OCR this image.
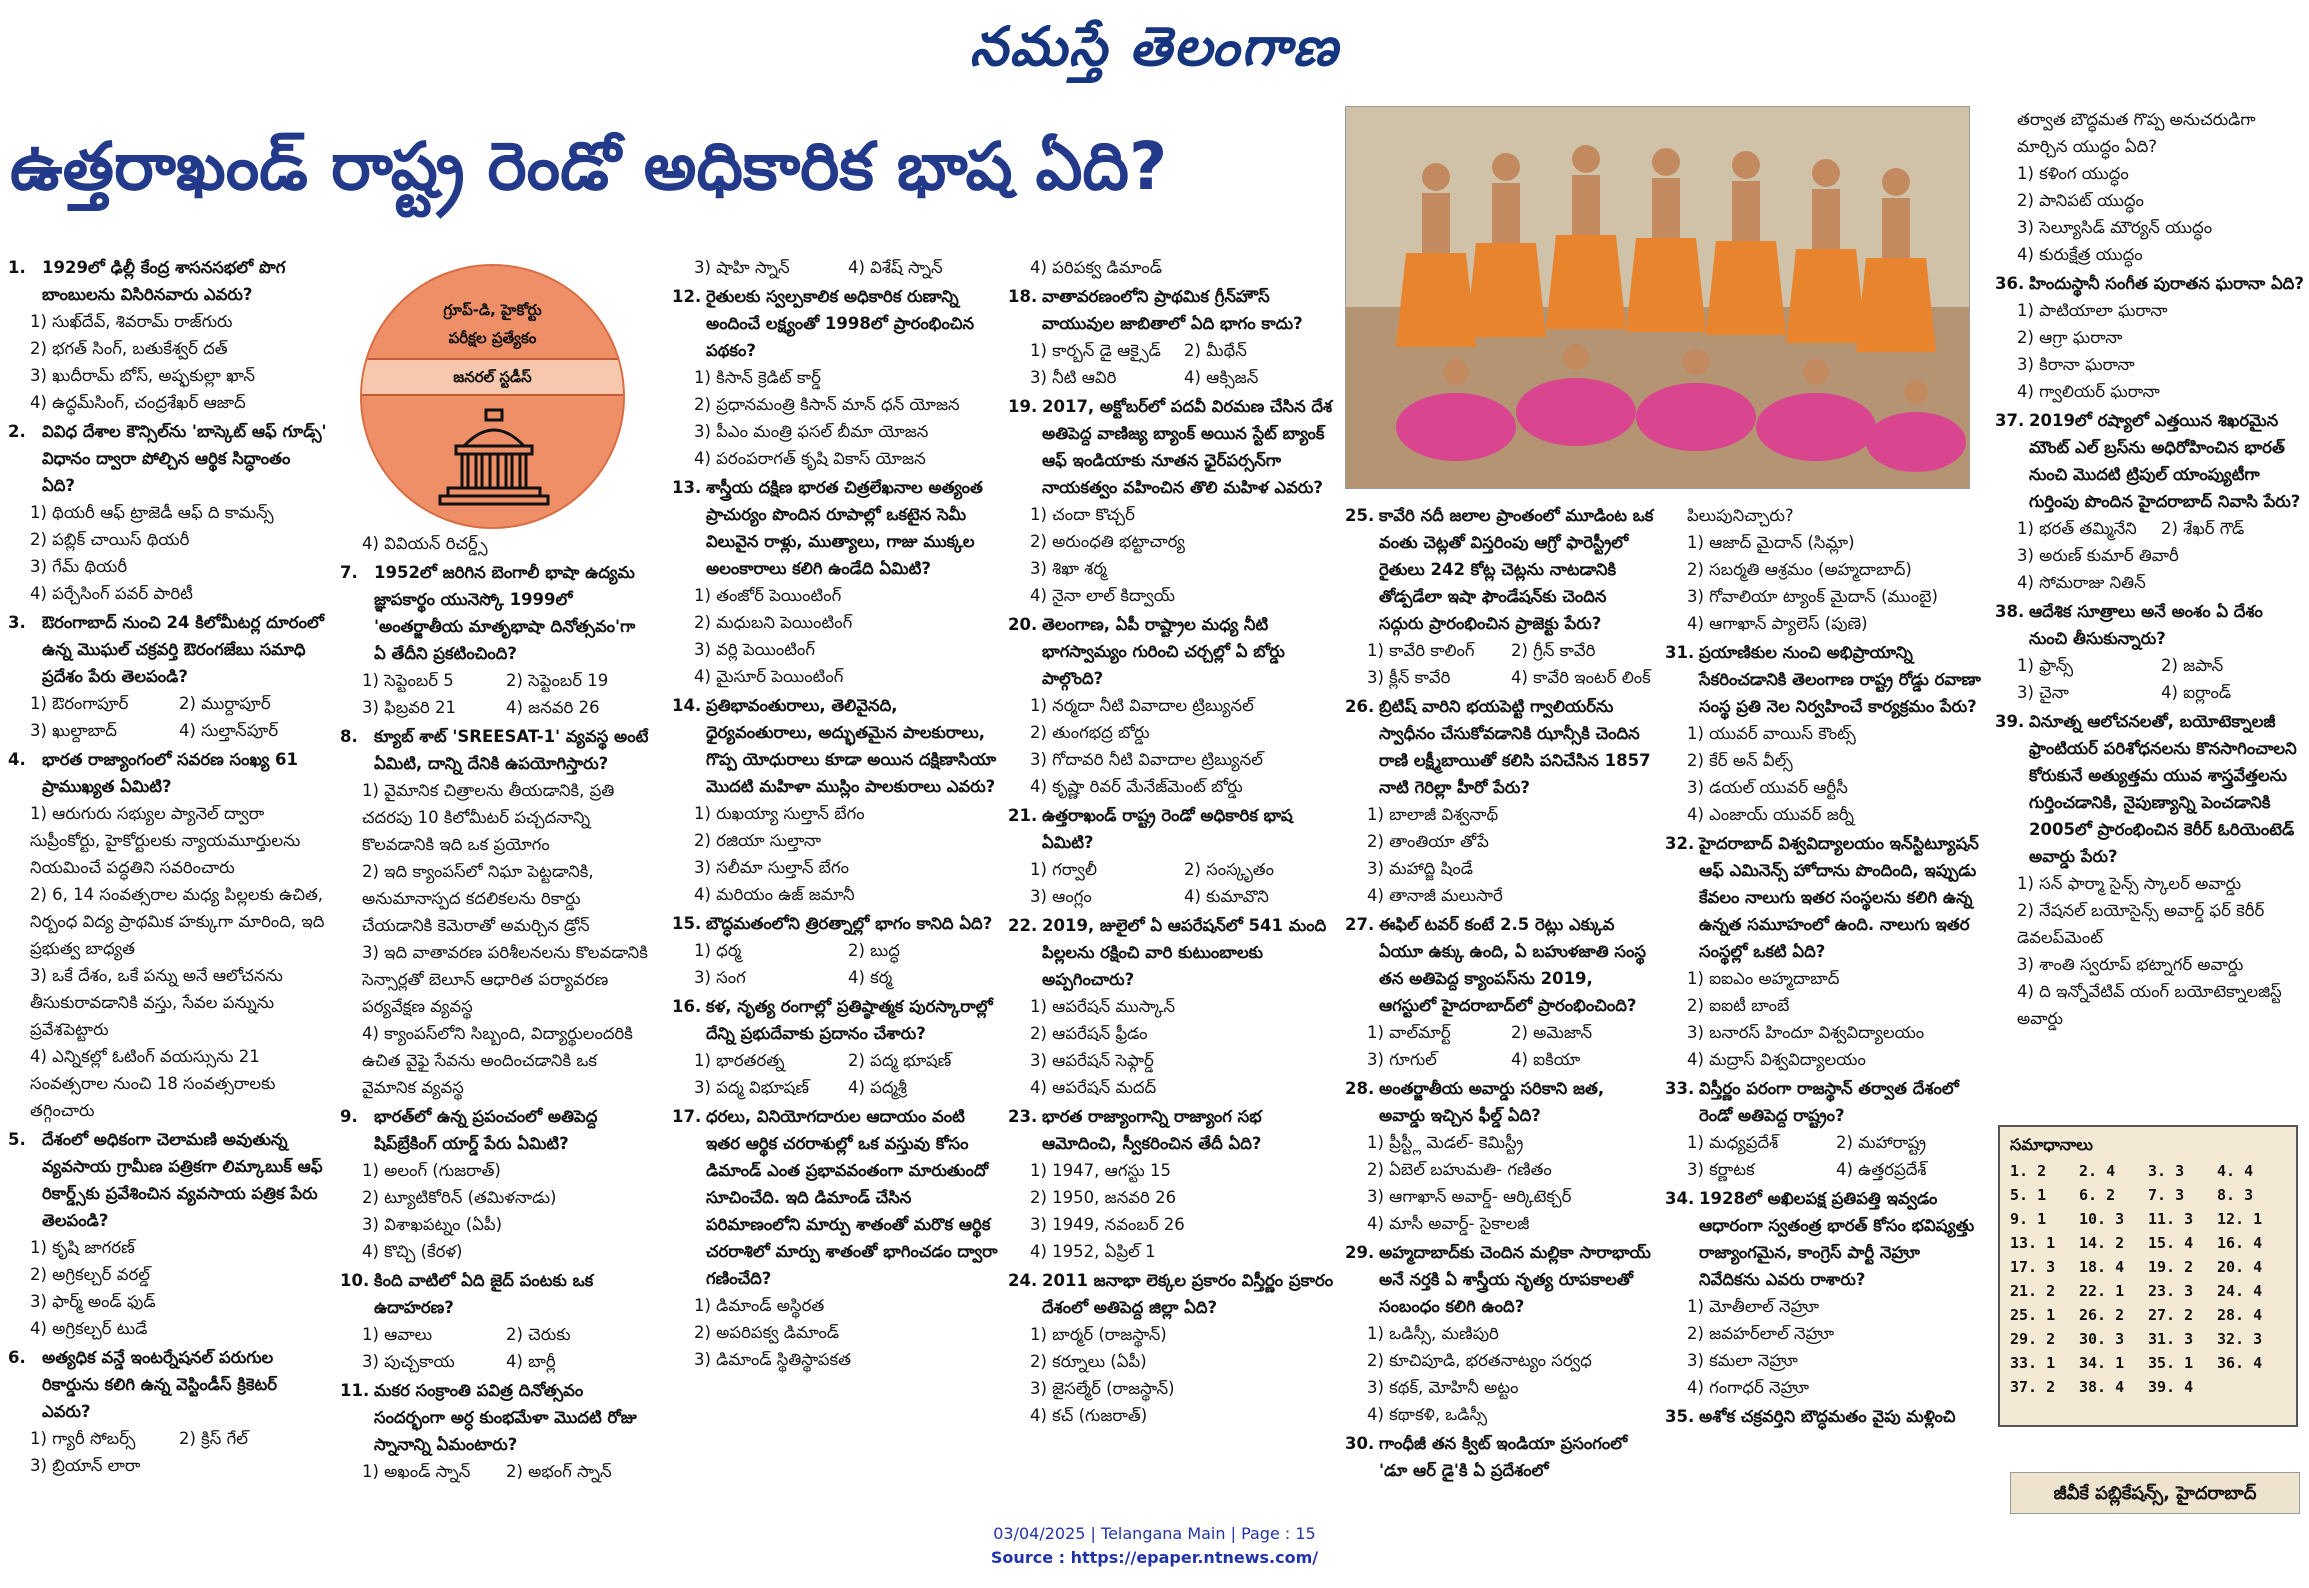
నమస్తే తెలంగాణ
ఉత్తరాఖండ్ రాష్ట్ర రెండో అధికారిక భాష ఏది?
గ్రూప్-డి, హైకోర్టు
పరీక్షల ప్రత్యేకం
జనరల్ స్టడీస్
1. 1929లో ఢిల్లీ కేంద్ర శాసనసభలో పొగ బాంబులను విసిరినవారు ఎవరు?
1) సుఖ్‌దేవ్, శివరామ్ రాజ్‌గురు
2) భగత్ సింగ్, బతుకేశ్వర్ దత్
3) ఖుదీరామ్ బోస్, అష్ఫకుల్లా ఖాన్
4) ఉద్ధమ్‌సింగ్, చంద్రశేఖర్ ఆజాద్
2. వివిధ దేశాల కౌన్సిల్‌ను 'బాస్కెట్ ఆఫ్ గూడ్స్' విధానం ద్వారా పోల్చిన ఆర్థిక సిద్ధాంతం ఏది?
1) థియరీ ఆఫ్ ట్రాజెడీ ఆఫ్ ది కామన్స్
2) పబ్లిక్ చాయిస్ థియరీ
3) గేమ్ థియరీ
4) పర్చేసింగ్ పవర్ పారిటీ
3. ఔరంగాబాద్ నుంచి 24 కిలోమీటర్ల దూరంలో ఉన్న మొఘల్ చక్రవర్తి ఔరంగజేబు సమాధి ప్రదేశం పేరు తెలపండి?
1) ఔరంగాపూర్	2) ముర్దాపూర్
3) ఖుల్దాబాద్	4) సుల్తాన్‌పూర్
4. భారత రాజ్యాంగంలో సవరణ సంఖ్య 61 ప్రాముఖ్యత ఏమిటి?
1) ఆరుగురు సభ్యుల ప్యానెల్ ద్వారా సుప్రీంకోర్టు, హైకోర్టులకు న్యాయమూర్తులను నియమించే పద్ధతిని సవరించారు
2) 6, 14 సంవత్సరాల మధ్య పిల్లలకు ఉచిత, నిర్బంధ విద్య ప్రాథమిక హక్కుగా మారింది, ఇది ప్రభుత్వ బాధ్యత
3) ఒకే దేశం, ఒకే పన్ను అనే ఆలోచనను తీసుకురావడానికి వస్తు, సేవల పన్నును ప్రవేశపెట్టారు
4) ఎన్నికల్లో ఓటింగ్ వయస్సును 21 సంవత్సరాల నుంచి 18 సంవత్సరాలకు తగ్గించారు
5. దేశంలో అధికంగా చెలామణి అవుతున్న వ్యవసాయ గ్రామీణ పత్రికగా లిమ్కాబుక్ ఆఫ్ రికార్డ్స్‌కు ప్రవేశించిన వ్యవసాయ పత్రిక పేరు తెలపండి?
1) కృషి జాగరణ్
2) అగ్రికల్చర్ వరల్డ్
3) ఫార్మ్ అండ్ ఫుడ్
4) అగ్రికల్చర్ టుడే
6. అత్యధిక వన్డే ఇంటర్నేషనల్ పరుగుల రికార్డును కలిగి ఉన్న వెస్టిండీస్ క్రికెటర్ ఎవరు?
1) గ్యారీ సోబర్స్	2) క్రిస్ గేల్
3) బ్రియాన్ లారా
4) వివియన్ రిచర్డ్స్
7. 1952లో జరిగిన బెంగాలీ భాషా ఉద్యమ జ్ఞాపకార్థం యునెస్కో 1999లో 'అంతర్జాతీయ మాతృభాషా దినోత్సవం'గా ఏ తేదీని ప్రకటించింది?
1) సెప్టెంబర్ 5	2) సెప్టెంబర్ 19
3) ఫిబ్రవరి 21	4) జనవరి 26
8. క్యూబ్ శాట్ 'SREESAT-1' వ్యవస్థ అంటే ఏమిటి, దాన్ని దేనికి ఉపయోగిస్తారు?
1) వైమానిక చిత్రాలను తీయడానికి, ప్రతి చదరపు 10 కిలోమీటర్ పచ్చదనాన్ని కొలవడానికి ఇది ఒక ప్రయోగం
2) ఇది క్యాంపస్‌లో నిఘా పెట్టడానికి, అనుమానాస్పద కదలికలను రికార్డు చేయడానికి కెమెరాతో అమర్చిన డ్రోన్
3) ఇది వాతావరణ పరిశీలనలను కొలవడానికి సెన్సార్లతో బెలూన్ ఆధారిత పర్యావరణ పర్యవేక్షణ వ్యవస్థ
4) క్యాంపస్‌లోని సిబ్బంది, విద్యార్థులందరికి ఉచిత వైఫై సేవను అందించడానికి ఒక వైమానిక వ్యవస్థ
9. భారత్‌లో ఉన్న ప్రపంచంలో అతిపెద్ద షిప్‌బ్రేకింగ్ యార్డ్ పేరు ఏమిటి?
1) అలంగ్ (గుజరాత్)
2) ట్యూటికోరిన్ (తమిళనాడు)
3) విశాఖపట్నం (ఏపీ)
4) కొచ్చి (కేరళ)
10. కింది వాటిలో ఏది జైద్ పంటకు ఒక ఉదాహరణ?
1) ఆవాలు	2) చెరుకు
3) పుచ్చకాయ	4) బార్లీ
11. మకర సంక్రాంతి పవిత్ర దినోత్సవం సందర్భంగా అర్ధ కుంభమేళా మొదటి రోజు స్నానాన్ని ఏమంటారు?
1) అఖండ్ స్నాన్	2) అభంగ్ స్నాన్
3) షాహి స్నాన్	4) విశేష్ స్నాన్
12. రైతులకు స్వల్పకాలిక అధికారిక రుణాన్ని అందించే లక్ష్యంతో 1998లో ప్రారంభించిన పథకం?
1) కిసాన్ క్రెడిట్ కార్డ్
2) ప్రధానమంత్రి కిసాన్ మాన్ ధన్ యోజన
3) పీఎం మంత్రి ఫసల్ బీమా యోజన
4) పరంపరాగత్ కృషి వికాస్ యోజన
13. శాస్త్రీయ దక్షిణ భారత చిత్రలేఖనాల అత్యంత ప్రాచుర్యం పొందిన రూపాల్లో ఒకటైన సెమీ విలువైన రాళ్లు, ముత్యాలు, గాజు ముక్కల అలంకారాలు కలిగి ఉండేది ఏమిటి?
1) తంజోర్ పెయింటింగ్
2) మధుబని పెయింటింగ్
3) వర్లి పెయింటింగ్
4) మైసూర్ పెయింటింగ్
14. ప్రతిభావంతురాలు, తెలివైనది, ధైర్యవంతురాలు, అద్భుతమైన పాలకురాలు, గొప్ప యోధురాలు కూడా అయిన దక్షిణాసియా మొదటి మహిళా ముస్లిం పాలకురాలు ఎవరు?
1) రుఖయ్యా సుల్తాన్ బేగం
2) రజియా సుల్తానా
3) సలీమా సుల్తాన్ బేగం
4) మరియం ఉజ్ జమానీ
15. బౌద్ధమతంలోని త్రిరత్నాల్లో భాగం కానిది ఏది?
1) ధర్మ	2) బుద్ధ
3) సంగ	4) కర్మ
16. కళ, నృత్య రంగాల్లో ప్రతిష్ఠాత్మక పురస్కారాల్లో దేన్ని ప్రభుదేవాకు ప్రదానం చేశారు?
1) భారతరత్న	2) పద్మ భూషణ్
3) పద్మ విభూషణ్	4) పద్మశ్రీ
17. ధరలు, వినియోగదారుల ఆదాయం వంటి ఇతర ఆర్థిక చరరాశుల్లో ఒక వస్తువు కోసం డిమాండ్ ఎంత ప్రభావవంతంగా మారుతుందో సూచించేది. ఇది డిమాండ్ చేసిన పరిమాణంలోని మార్పు శాతంతో మరొక ఆర్థిక చరరాశిలో మార్పు శాతంతో భాగించడం ద్వారా గణించేది?
1) డిమాండ్ అస్థిరత
2) అపరిపక్వ డిమాండ్
3) డిమాండ్ స్థితిస్థాపకత
4) పరిపక్వ డిమాండ్
18. వాతావరణంలోని ప్రాథమిక గ్రీన్‌హౌస్ వాయువుల జాబితాలో ఏది భాగం కాదు?
1) కార్బన్ డై ఆక్సైడ్	2) మీథేన్
3) నీటి ఆవిరి	4) ఆక్సిజన్
19. 2017, అక్టోబర్‌లో పదవీ విరమణ చేసిన దేశ అతిపెద్ద వాణిజ్య బ్యాంక్ అయిన స్టేట్ బ్యాంక్ ఆఫ్ ఇండియాకు నూతన ఛైర్‌పర్సన్‌గా నాయకత్వం వహించిన తొలి మహిళ ఎవరు?
1) చందా కొచ్చర్
2) అరుంధతి భట్టాచార్య
3) శిఖా శర్మ
4) నైనా లాల్ కిద్వాయ్
20. తెలంగాణ, ఏపీ రాష్ట్రాల మధ్య నీటి భాగస్వామ్యం గురించి చర్చల్లో ఏ బోర్డు పాల్గొంది?
1) నర్మదా నీటి వివాదాల ట్రిబ్యునల్
2) తుంగభద్ర బోర్డు
3) గోదావరి నీటి వివాదాల ట్రిబ్యునల్
4) కృష్ణా రివర్ మేనేజ్‌మెంట్ బోర్డు
21. ఉత్తరాఖండ్ రాష్ట్ర రెండో అధికారిక భాష ఏమిటి?
1) గర్వాలీ	2) సంస్కృతం
3) ఆంగ్లం	4) కుమావొని
22. 2019, జులైలో ఏ ఆపరేషన్‌లో 541 మంది పిల్లలను రక్షించి వారి కుటుంబాలకు అప్పగించారు?
1) ఆపరేషన్ ముస్కాన్
2) ఆపరేషన్ ఫ్రీడం
3) ఆపరేషన్ సెఫ్గార్డ్
4) ఆపరేషన్ మదద్
23. భారత రాజ్యాంగాన్ని రాజ్యాంగ సభ ఆమోదించి, స్వీకరించిన తేదీ ఏది?
1) 1947, ఆగస్టు 15
2) 1950, జనవరి 26
3) 1949, నవంబర్ 26
4) 1952, ఏప్రిల్ 1
24. 2011 జనాభా లెక్కల ప్రకారం విస్తీర్ణం ప్రకారం దేశంలో అతిపెద్ద జిల్లా ఏది?
1) బార్మర్ (రాజస్థాన్)
2) కర్నూలు (ఏపీ)
3) జైసల్మేర్ (రాజస్థాన్)
4) కచ్ (గుజరాత్)
25. కావేరి నదీ జలాల ప్రాంతంలో మూడింట ఒక వంతు చెట్లతో విస్తరింపు ఆగ్రో ఫారెస్ట్రీలో రైతులు 242 కోట్ల చెట్లను నాటడానికి తోడ్పడేలా ఇషా ఫౌండేషన్‌కు చెందిన సద్గురు ప్రారంభించిన ప్రాజెక్టు పేరు?
1) కావేరి కాలింగ్	2) గ్రీన్ కావేరి
3) క్లీన్ కావేరి	4) కావేరి ఇంటర్ లింక్
26. బ్రిటిష్ వారిని భయపెట్టి గ్వాలియర్‌ను స్వాధీనం చేసుకోవడానికి ఝాన్సీకి చెందిన రాణి లక్ష్మీబాయితో కలిసి పనిచేసిన 1857 నాటి గెరిల్లా హీరో పేరు?
1) బాలాజీ విశ్వనాథ్
2) తాంతియా తోపే
3) మహాద్జి షిండే
4) తానాజీ మలుసారే
27. ఈఫిల్ టవర్ కంటే 2.5 రెట్లు ఎక్కువ ఏయూ ఉక్కు ఉంది, ఏ బహుళజాతి సంస్థ తన అతిపెద్ద క్యాంపస్‌ను 2019, ఆగస్టులో హైదరాబాద్‌లో ప్రారంభించింది?
1) వాల్‌మార్ట్	2) అమెజాన్
3) గూగుల్	4) ఐకియా
28. అంతర్జాతీయ అవార్డు సరికాని జత, అవార్డు ఇచ్చిన ఫీల్డ్ ఏది?
1) ప్రీస్ట్లీ మెడల్- కెమిస్ట్రీ
2) ఏబెల్ బహుమతి- గణితం
3) ఆగాఖాన్ అవార్డ్- ఆర్కిటెక్చర్
4) మాసీ అవార్డ్- సైకాలజీ
29. అహ్మదాబాద్‌కు చెందిన మల్లికా సారాభాయ్ అనే నర్తకి ఏ శాస్త్రీయ నృత్య రూపకాలతో సంబంధం కలిగి ఉంది?
1) ఒడిస్సీ, మణిపురి
2) కూచిపూడి, భరతనాట్యం సర్వధ
3) కథక్, మోహినీ అట్టం
4) కథాకళి, ఒడిస్సీ
30. గాంధీజీ తన క్విట్ ఇండియా ప్రసంగంలో 'డూ ఆర్ డై'కి ఏ ప్రదేశంలో
పిలుపునిచ్చారు?
1) ఆజాద్ మైదాన్ (సిమ్లా)
2) సబర్మతి ఆశ్రమం (అహ్మదాబాద్)
3) గోవాలియా ట్యాంక్ మైదాన్ (ముంబై)
4) ఆగాఖాన్ ప్యాలెస్ (పుణె)
31. ప్రయాణికుల నుంచి అభిప్రాయాన్ని సేకరించడానికి తెలంగాణ రాష్ట్ర రోడ్డు రవాణా సంస్థ ప్రతి నెల నిర్వహించే కార్యక్రమం పేరు?
1) యువర్ వాయిస్ కౌంట్స్
2) కేర్ అన్ వీల్స్
3) డయల్ యువర్ ఆర్టీసీ
4) ఎంజాయ్ యువర్ జర్నీ
32. హైదరాబాద్ విశ్వవిద్యాలయం ఇన్‌స్టిట్యూషన్ ఆఫ్ ఎమినెన్స్ హోదాను పొందింది, ఇప్పుడు కేవలం నాలుగు ఇతర సంస్థలను కలిగి ఉన్న ఉన్నత సమూహంలో ఉంది. నాలుగు ఇతర సంస్థల్లో ఒకటి ఏది?
1) ఐఐఎం అహ్మదాబాద్
2) ఐఐటీ బాంబే
3) బనారస్ హిందూ విశ్వవిద్యాలయం
4) మద్రాస్ విశ్వవిద్యాలయం
33. విస్తీర్ణం పరంగా రాజస్థాన్ తర్వాత దేశంలో రెండో అతిపెద్ద రాష్ట్రం?
1) మధ్యప్రదేశ్	2) మహారాష్ట్ర
3) కర్ణాటక	4) ఉత్తరప్రదేశ్
34. 1928లో అఖిలపక్ష ప్రతిపత్తి ఇవ్వడం ఆధారంగా స్వతంత్ర భారత్ కోసం భవిష్యత్తు రాజ్యాంగమైన, కాంగ్రెస్ పార్టీ నెహ్రూ నివేదికను ఎవరు రాశారు?
1) మోతీలాల్ నెహ్రూ
2) జవహర్‌లాల్ నెహ్రూ
3) కమలా నెహ్రూ
4) గంగాధర్ నెహ్రూ
35. అశోక చక్రవర్తిని బౌద్ధమతం వైపు మళ్లించి
తర్వాత బౌద్ధమత గొప్ప అనుచరుడిగా మార్చిన యుద్ధం ఏది?
1) కళింగ యుద్ధం
2) పానిపట్ యుద్ధం
3) సెల్యూసిడ్ మౌర్యన్ యుద్ధం
4) కురుక్షేత్ర యుద్ధం
36. హిందుస్థానీ సంగీత పురాతన ఘరానా ఏది?
1) పాటియాలా ఘరానా
2) ఆగ్రా ఘరానా
3) కిరానా ఘరానా
4) గ్వాలియర్ ఘరానా
37. 2019లో రష్యాలో ఎత్తయిన శిఖరమైన మౌంట్ ఎల్ బ్రస్‌ను అధిరోహించిన భారత్ నుంచి మొదటి ట్రిపుల్ యాంప్యుటీగా గుర్తింపు పొందిన హైదరాబాద్ నివాసి పేరు?
1) భరత్ తమ్మినేని	2) శేఖర్ గౌడ్
3) అరుణ్ కుమార్ తివారీ
4) సోమరాజు నితిన్
38. ఆదేశిక సూత్రాలు అనే అంశం ఏ దేశం నుంచి తీసుకున్నారు?
1) ఫ్రాన్స్	2) జపాన్
3) చైనా	4) ఐర్లాండ్
39. వినూత్న ఆలోచనలతో, బయోటెక్నాలజీ ఫ్రాంటియర్ పరిశోధనలను కొనసాగించాలని కోరుకునే అత్యుత్తమ యువ శాస్త్రవేత్తలను గుర్తించడానికి, నైపుణ్యాన్ని పెంచడానికి 2005లో ప్రారంభించిన కెరీర్ ఓరియెంటెడ్ అవార్డు పేరు?
1) సన్ ఫార్మా సైన్స్ స్కాలర్ అవార్డు
2) నేషనల్ బయోసైన్స్ అవార్డ్ ఫర్ కెరీర్ డెవలప్‌మెంట్
3) శాంతి స్వరూప్ భట్నాగర్ అవార్డు
4) ది ఇన్నోవేటివ్ యంగ్ బయోటెక్నాలజిస్ట్ అవార్డు
సమాధానాలు
1. 2	2. 4	3. 3	4. 4
5. 1	6. 2	7. 3	8. 3
9. 1	10. 3	11. 3	12. 1
13. 1	14. 2	15. 4	16. 4
17. 3	18. 4	19. 2	20. 4
21. 2	22. 1	23. 3	24. 4
25. 1	26. 2	27. 2	28. 4
29. 2	30. 3	31. 3	32. 3
33. 1	34. 1	35. 1	36. 4
37. 2	38. 4	39. 4
జీవీకే పబ్లికేషన్స్, హైదరాబాద్
03/04/2025 | Telangana Main | Page : 15
Source : https://epaper.ntnews.com/
